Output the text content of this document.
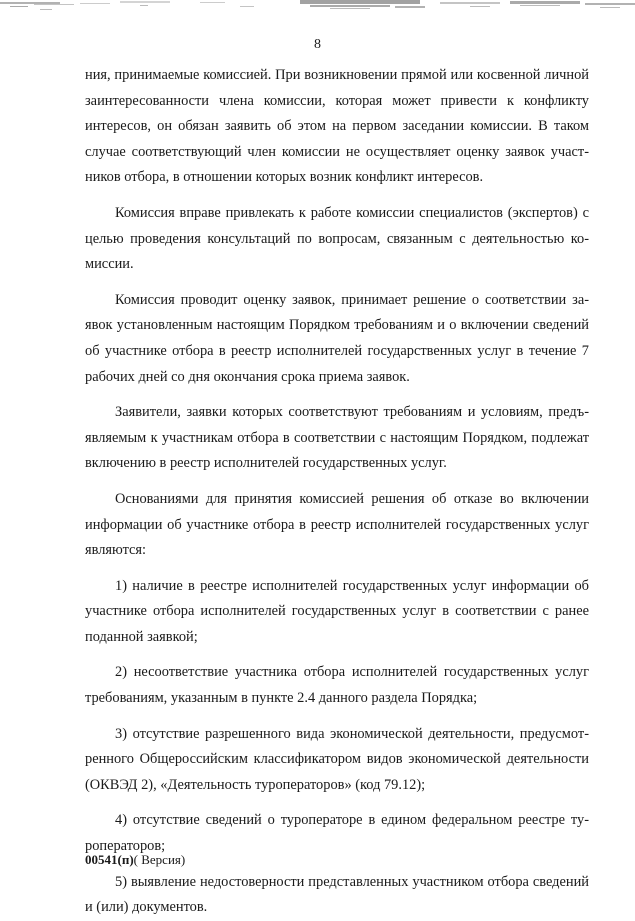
8

ния, принимаемые комиссией. При возникновении прямой или косвенной личной заинтересованности члена комиссии, которая может привести к конфликту интересов, он обязан заявить об этом на первом заседании комиссии. В таком случае соответствующий член комиссии не осуществляет оценку заявок участников отбора, в отношении которых возник конфликт интересов.

Комиссия вправе привлекать к работе комиссии специалистов (экспертов) с целью проведения консультаций по вопросам, связанным с деятельностью комиссии.

Комиссия проводит оценку заявок, принимает решение о соответствии заявок установленным настоящим Порядком требованиям и о включении сведений об участнике отбора в реестр исполнителей государственных услуг в течение 7 рабочих дней со дня окончания срока приема заявок.

Заявители, заявки которых соответствуют требованиям и условиям, предъявляемым к участникам отбора в соответствии с настоящим Порядком, подлежат включению в реестр исполнителей государственных услуг.

Основаниями для принятия комиссией решения об отказе во включении информации об участнике отбора в реестр исполнителей государственных услуг являются:

1) наличие в реестре исполнителей государственных услуг информации об участнике отбора исполнителей государственных услуг в соответствии с ранее поданной заявкой;

2) несоответствие участника отбора исполнителей государственных услуг требованиям, указанным в пункте 2.4 данного раздела Порядка;

3) отсутствие разрешенного вида экономической деятельности, предусмотренного Общероссийским классификатором видов экономической деятельности (ОКВЭД 2), «Деятельность туроператоров» (код 79.12);

4) отсутствие сведений о туроператоре в едином федеральном реестре туроператоров;

5) выявление недостоверности представленных участником отбора сведений и (или) документов.

00541(п)( Версия)
